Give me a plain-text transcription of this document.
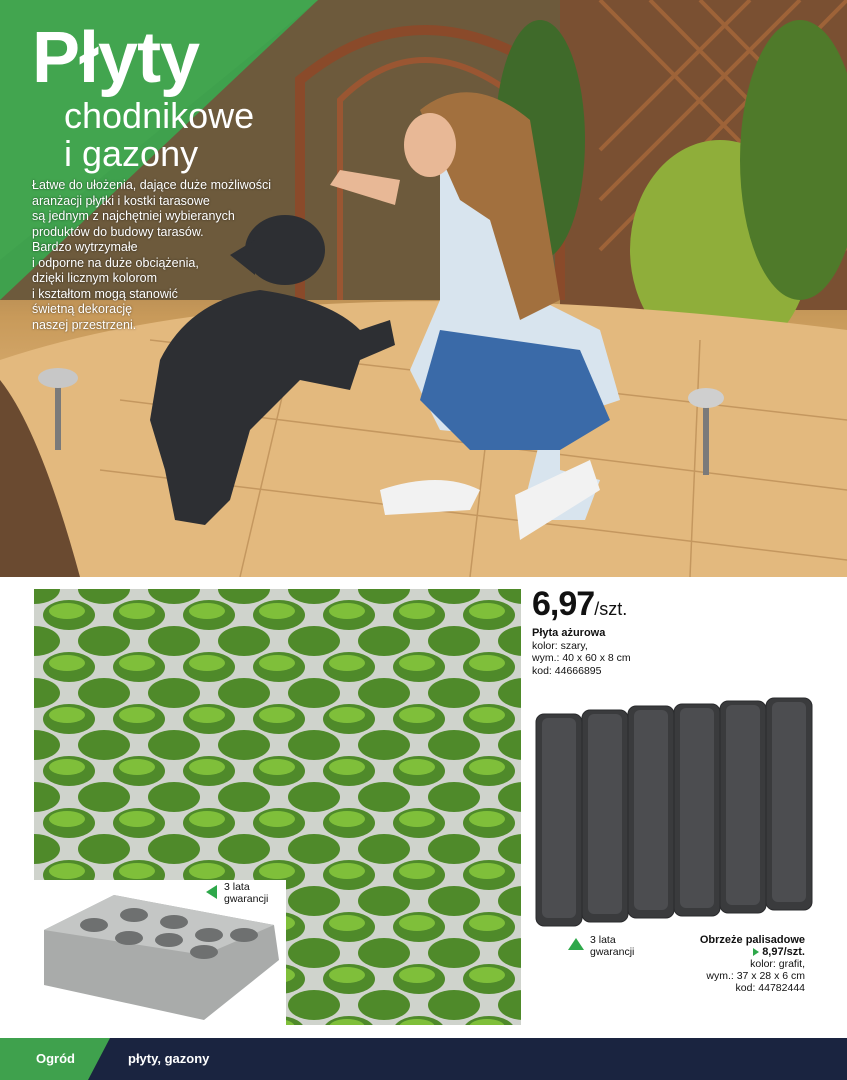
Płyty
chodnikowe
i gazony
Łatwe do ułożenia, dające duże możliwości
aranżacji płytki i kostki tarasowe
są jednym z najchętniej wybieranych
produktów do budowy tarasów.
Bardzo wytrzymałe
i odporne na duże obciążenia,
dzięki licznym kolorom
i kształtom mogą stanowić
świetną dekorację
naszej przestrzeni.
3 lata
gwarancji
6,97/szt.
Płyta ażurowa
kolor: szary,
wym.: 40 x 60 x 8 cm
kod: 44666895
3 lata
gwarancji
Obrzeże palisadowe
8,97/szt.
kolor: grafit,
wym.: 37 x 28 x 6 cm
kod: 44782444
Ogród	płyty, gazony
